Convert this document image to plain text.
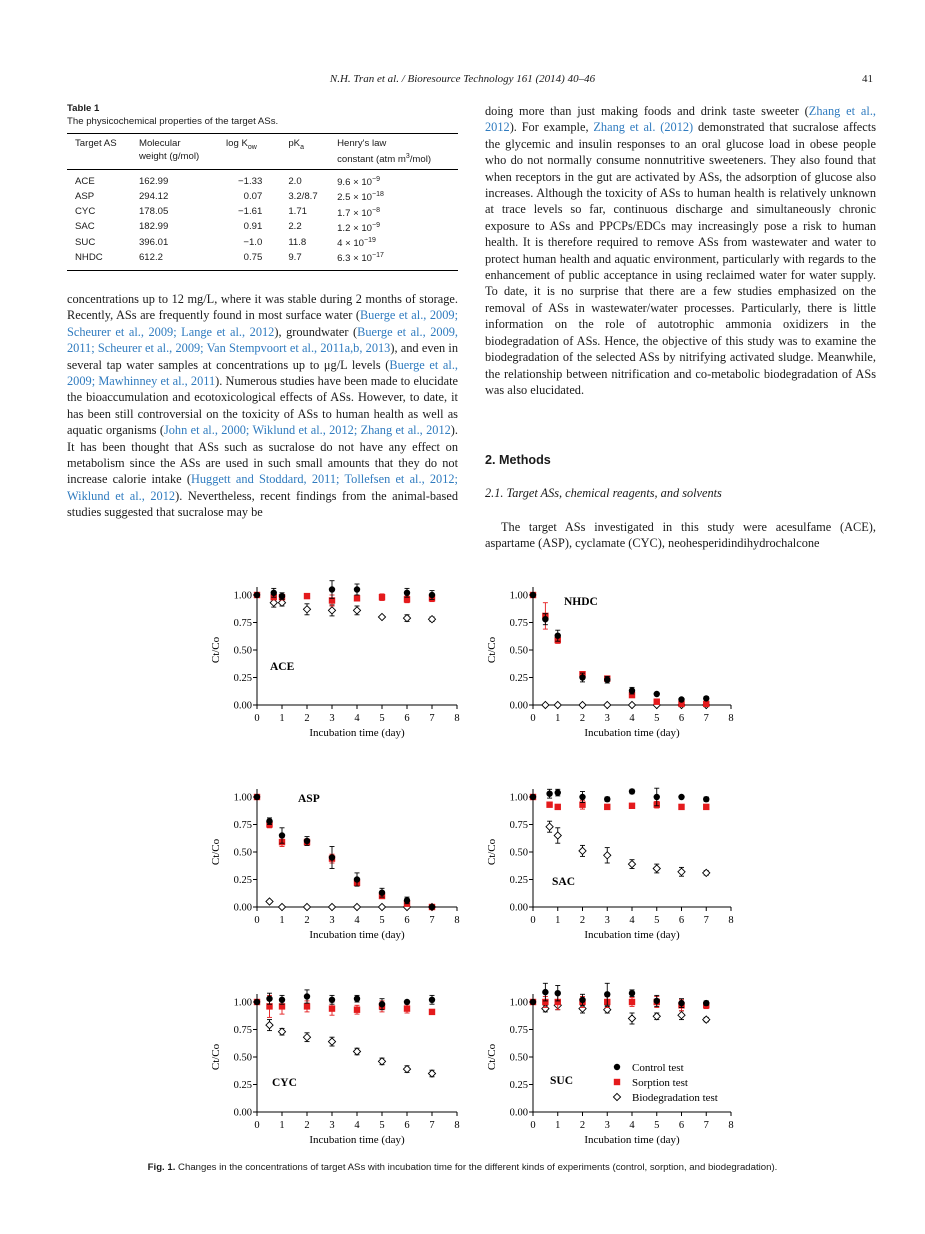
N.H. Tran et al. / Bioresource Technology 161 (2014) 40–46	41
Table 1
The physicochemical properties of the target ASs.
Target AS	Molecular
weight (g/mol)	$\log K_{ow}$	$pK_a$	Henry's law
constant (atm $m^3/mol$)
ACE	162.99	−1.33	2.0	$9.6 \times 10^{-9}$
ASP	294.12	0.07	3.2/8.7	$2.5 \times 10^{-18}$
CYC	178.05	−1.61	1.71	$1.7 \times 10^{-8}$
SAC	182.99	0.91	2.2	$1.2 \times 10^{-9}$
SUC	396.01	−1.0	11.8	$4 \times 10^{-19}$
NHDC	612.2	0.75	9.7	$6.3 \times 10^{-17}$

concentrations up to 12 mg/L, where it was stable during 2 months of storage. Recently, ASs are frequently found in most surface water (Buerge et al., 2009; Scheurer et al., 2009; Lange et al., 2012), groundwater (Buerge et al., 2009, 2011; Scheurer et al., 2009; Van Stempvoort et al., 2011a,b, 2013), and even in several tap water samples at concentrations up to μg/L levels (Buerge et al., 2009; Mawhinney et al., 2011). Numerous studies have been made to elucidate the bioaccumulation and ecotoxicological effects of ASs. However, to date, it has been still controversial on the toxicity of ASs to human health as well as aquatic organisms (John et al., 2000; Wiklund et al., 2012; Zhang et al., 2012). It has been thought that ASs such as sucralose do not have any effect on metabolism since the ASs are used in such small amounts that they do not increase calorie intake (Huggett and Stoddard, 2011; Tollefsen et al., 2012; Wiklund et al., 2012). Nevertheless, recent findings from the animal-based studies suggested that sucralose may be

doing more than just making foods and drink taste sweeter (Zhang et al., 2012). For example, Zhang et al. (2012) demonstrated that sucralose affects the glycemic and insulin responses to an oral glucose load in obese people who do not normally consume nonnutritive sweeteners. They also found that when receptors in the gut are activated by ASs, the adsorption of glucose also increases. Although the toxicity of ASs to human health is relatively unknown at trace levels so far, continuous discharge and simultaneously chronic exposure to ASs and PPCPs/EDCs may increasingly pose a risk to human health. It is therefore required to remove ASs from wastewater and water to protect human health and aquatic environment, particularly with regards to the enhancement of public acceptance in using reclaimed water for water supply. To date, it is no surprise that there are a few studies emphasized on the removal of ASs in wastewater/water processes. Particularly, there is little information on the role of autotrophic ammonia oxidizers in the biodegradation of ASs. Hence, the objective of this study was to examine the biodegradation of the selected ASs by nitrifying activated sludge. Meanwhile, the relationship between nitrification and co-metabolic biodegradation of ASs was also elucidated.

2. Methods
2.1. Target ASs, chemical reagents, and solvents

The target ASs investigated in this study were acesulfame (ACE), aspartame (ASP), cyclamate (CYC), neohesperidindihydrochalcone

0.00
0.25
0.50
0.75
1.00
0 1 2 3 4 5 6 7 8
Incubation time (day)
Ct/Co
ACE
0.00
0.25
0.50
0.75
1.00
0 1 2 3 4 5 6 7 8
Incubation time (day)
Ct/Co
NHDC
0.00
0.25
0.50
0.75
1.00
0 1 2 3 4 5 6 7 8
Incubation time (day)
Ct/Co
ASP
0.00
0.25
0.50
0.75
1.00
0 1 2 3 4 5 6 7 8
Incubation time (day)
Ct/Co
SAC
0.00
0.25
0.50
0.75
1.00
0 1 2 3 4 5 6 7 8
Incubation time (day)
Ct/Co
CYC
0.00
0.25
0.50
0.75
1.00
0 1 2 3 4 5 6 7 8
Incubation time (day)
Ct/Co
SUC
Control test
Sorption test
Biodegradation test
Fig. 1. Changes in the concentrations of target ASs with incubation time for the different kinds of experiments (control, sorption, and biodegradation).
